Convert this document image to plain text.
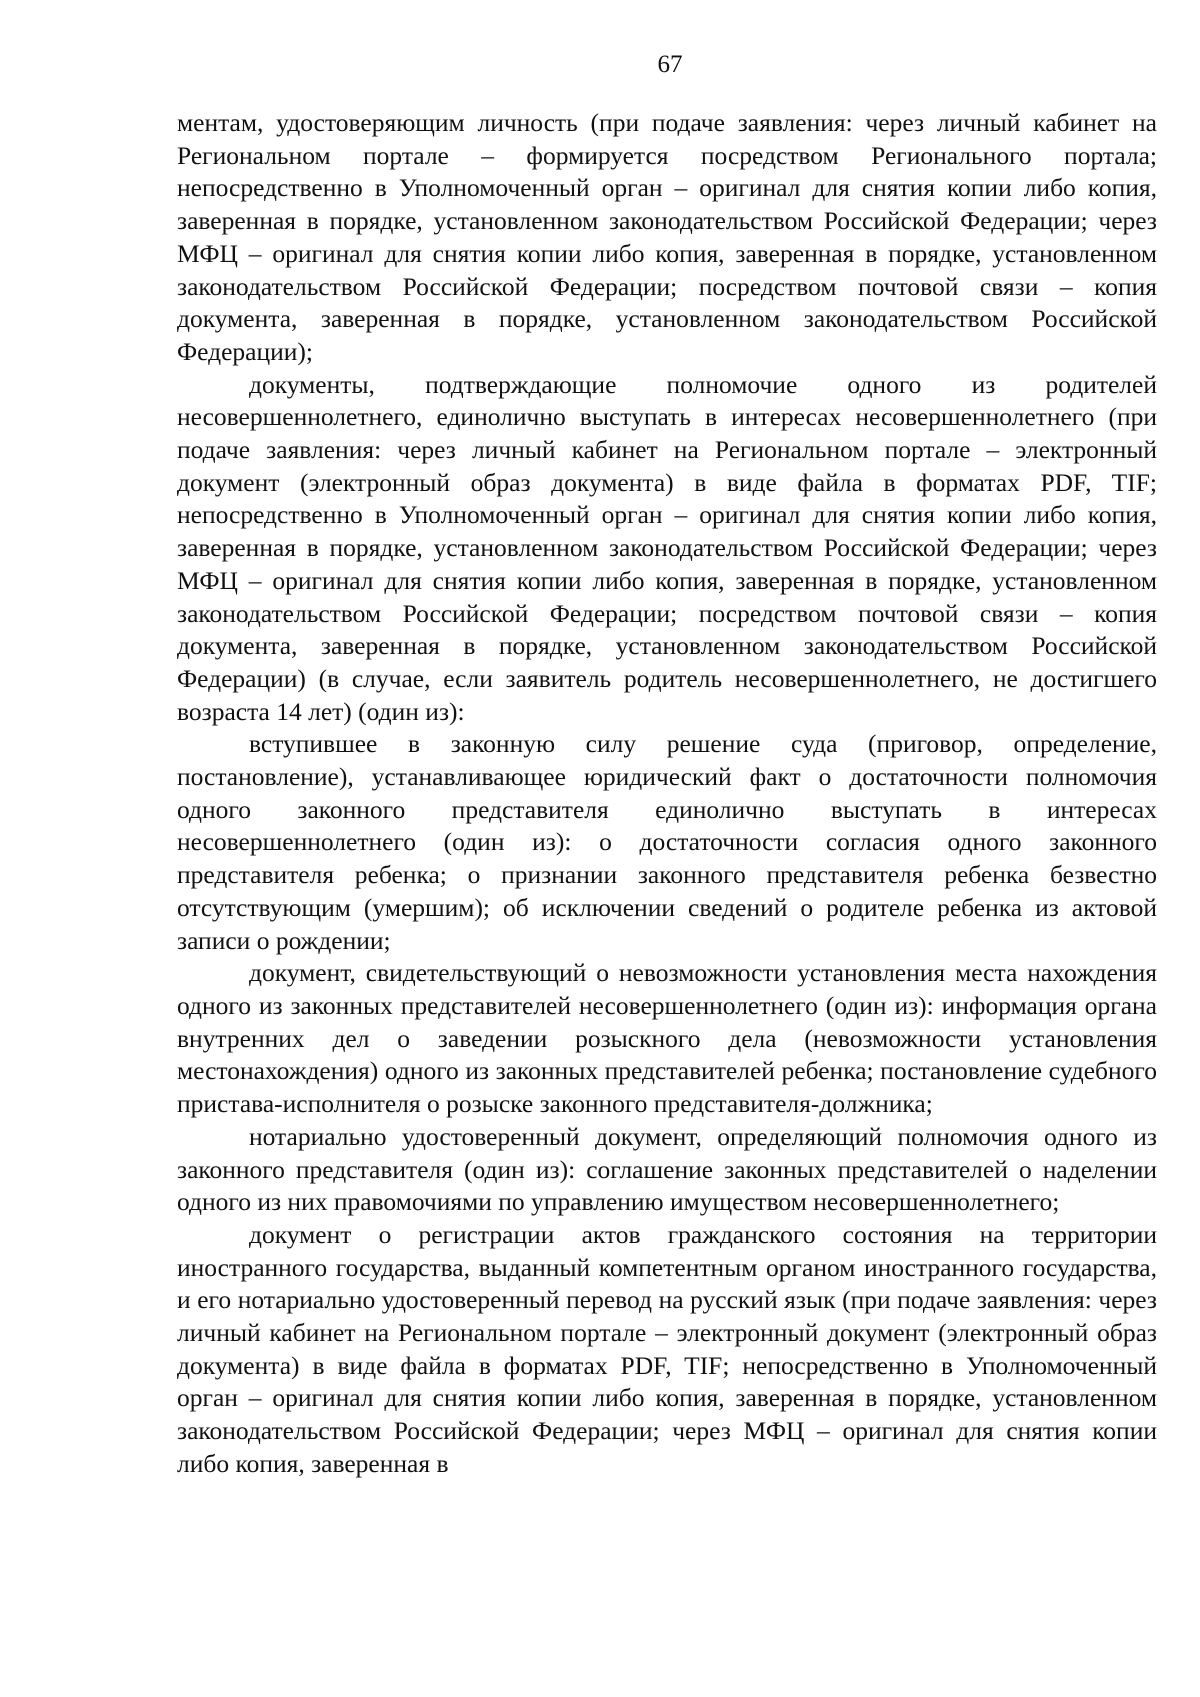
67

ментам, удостоверяющим личность (при подаче заявления: через личный кабинет на Региональном портале – формируется посредством Регионального портала; непосредственно в Уполномоченный орган – оригинал для снятия копии либо копия, заверенная в порядке, установленном законодательством Российской Федерации; через МФЦ – оригинал для снятия копии либо копия, заверенная в порядке, установленном законодательством Российской Федерации; посредством почтовой связи – копия документа, заверенная в порядке, установленном законодательством Российской Федерации);

документы, подтверждающие полномочие одного из родителей несовершеннолетнего, единолично выступать в интересах несовершеннолетнего (при подаче заявления: через личный кабинет на Региональном портале – электронный документ (электронный образ документа) в виде файла в форматах PDF, TIF; непосредственно в Уполномоченный орган – оригинал для снятия копии либо копия, заверенная в порядке, установленном законодательством Российской Федерации; через МФЦ – оригинал для снятия копии либо копия, заверенная в порядке, установленном законодательством Российской Федерации; посредством почтовой связи – копия документа, заверенная в порядке, установленном законодательством Российской Федерации) (в случае, если заявитель родитель несовершеннолетнего, не достигшего возраста 14 лет) (один из):

вступившее в законную силу решение суда (приговор, определение, постановление), устанавливающее юридический факт о достаточности полномочия одного законного представителя единолично выступать в интересах несовершеннолетнего (один из): о достаточности согласия одного законного представителя ребенка; о признании законного представителя ребенка безвестно отсутствующим (умершим); об исключении сведений о родителе ребенка из актовой записи о рождении;

документ, свидетельствующий о невозможности установления места нахождения одного из законных представителей несовершеннолетнего (один из): информация органа внутренних дел о заведении розыскного дела (невозможности установления местонахождения) одного из законных представителей ребенка; постановление судебного пристава-исполнителя о розыске законного представителя-должника;

нотариально удостоверенный документ, определяющий полномочия одного из законного представителя (один из): соглашение законных представителей о наделении одного из них правомочиями по управлению имуществом несовершеннолетнего;

документ о регистрации актов гражданского состояния на территории иностранного государства, выданный компетентным органом иностранного государства, и его нотариально удостоверенный перевод на русский язык (при подаче заявления: через личный кабинет на Региональном портале – электронный документ (электронный образ документа) в виде файла в форматах PDF, TIF; непосредственно в Уполномоченный орган – оригинал для снятия копии либо копия, заверенная в порядке, установленном законодательством Российской Федерации; через МФЦ – оригинал для снятия копии либо копия, заверенная в
